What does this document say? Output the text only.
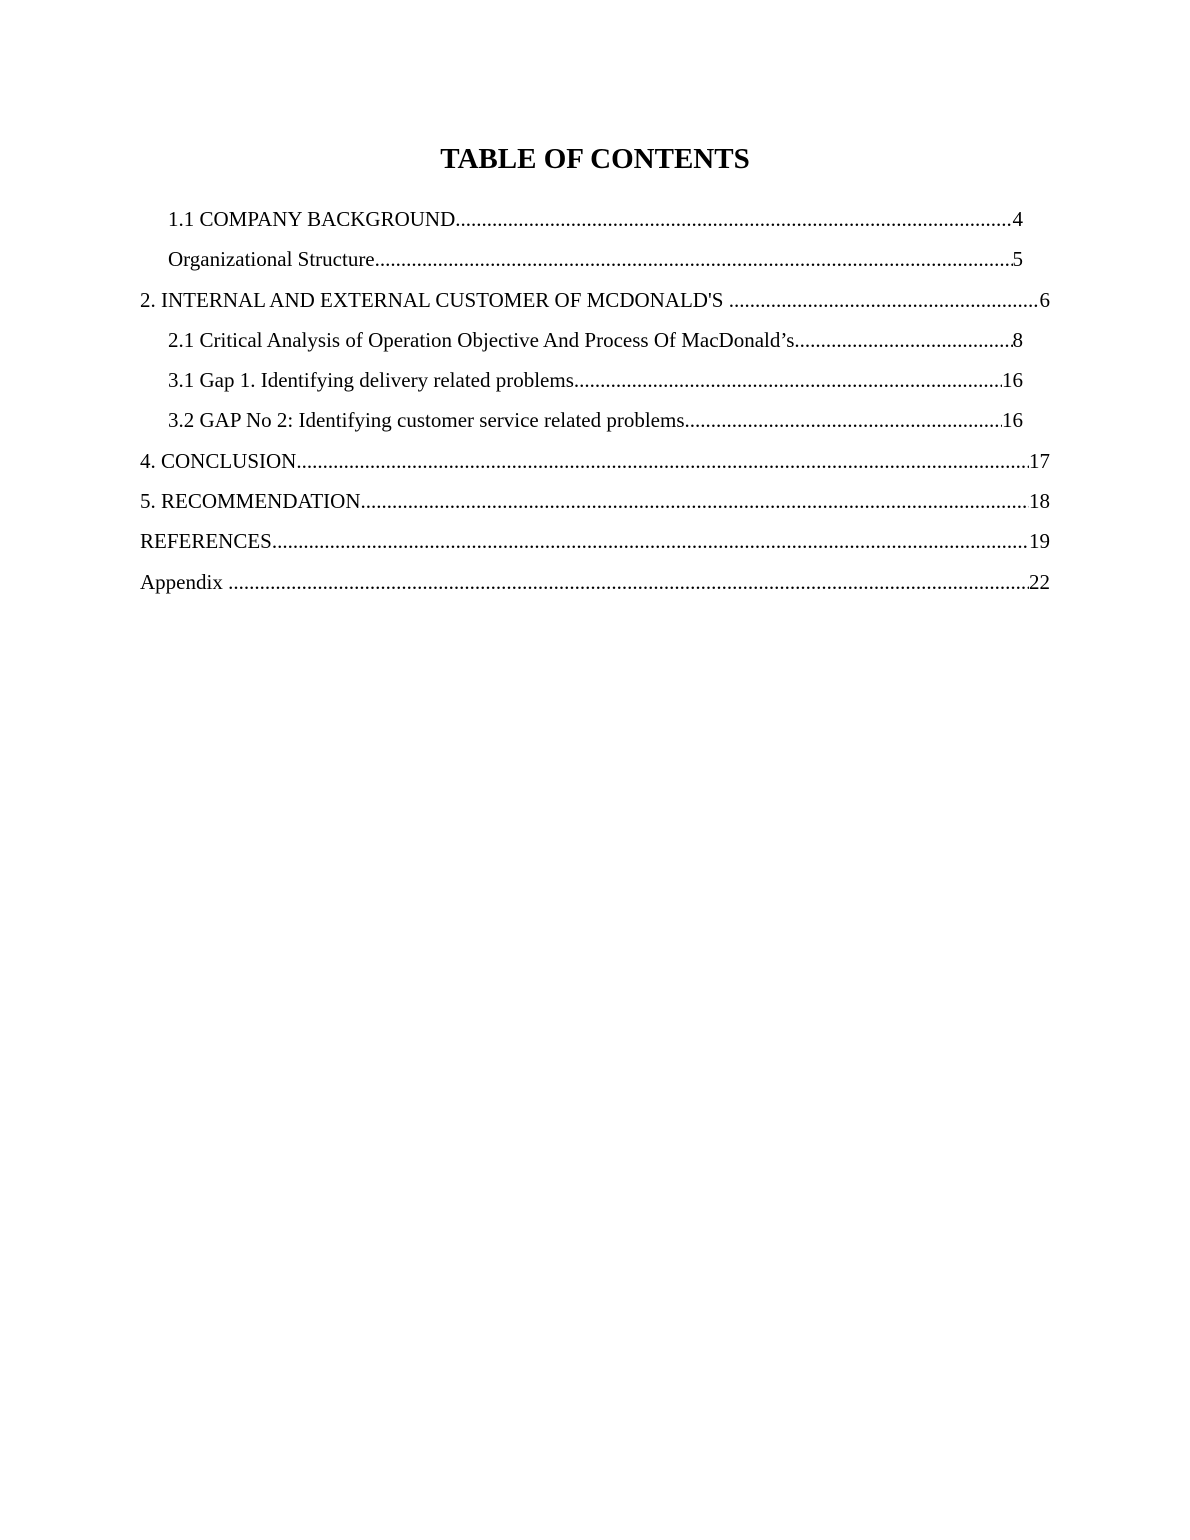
TABLE OF CONTENTS
1.1 COMPANY BACKGROUND .....	4
Organizational Structure .....	5
2. INTERNAL AND EXTERNAL CUSTOMER OF MCDONALD'S .....	6
2.1 Critical Analysis of Operation Objective And Process Of MacDonald’s .....	8
3.1 Gap 1. Identifying delivery related problems .....	16
3.2 GAP No 2: Identifying customer service related problems .....	16
4. CONCLUSION .....	17
5. RECOMMENDATION .....	18
REFERENCES .....	19
Appendix .....	22
